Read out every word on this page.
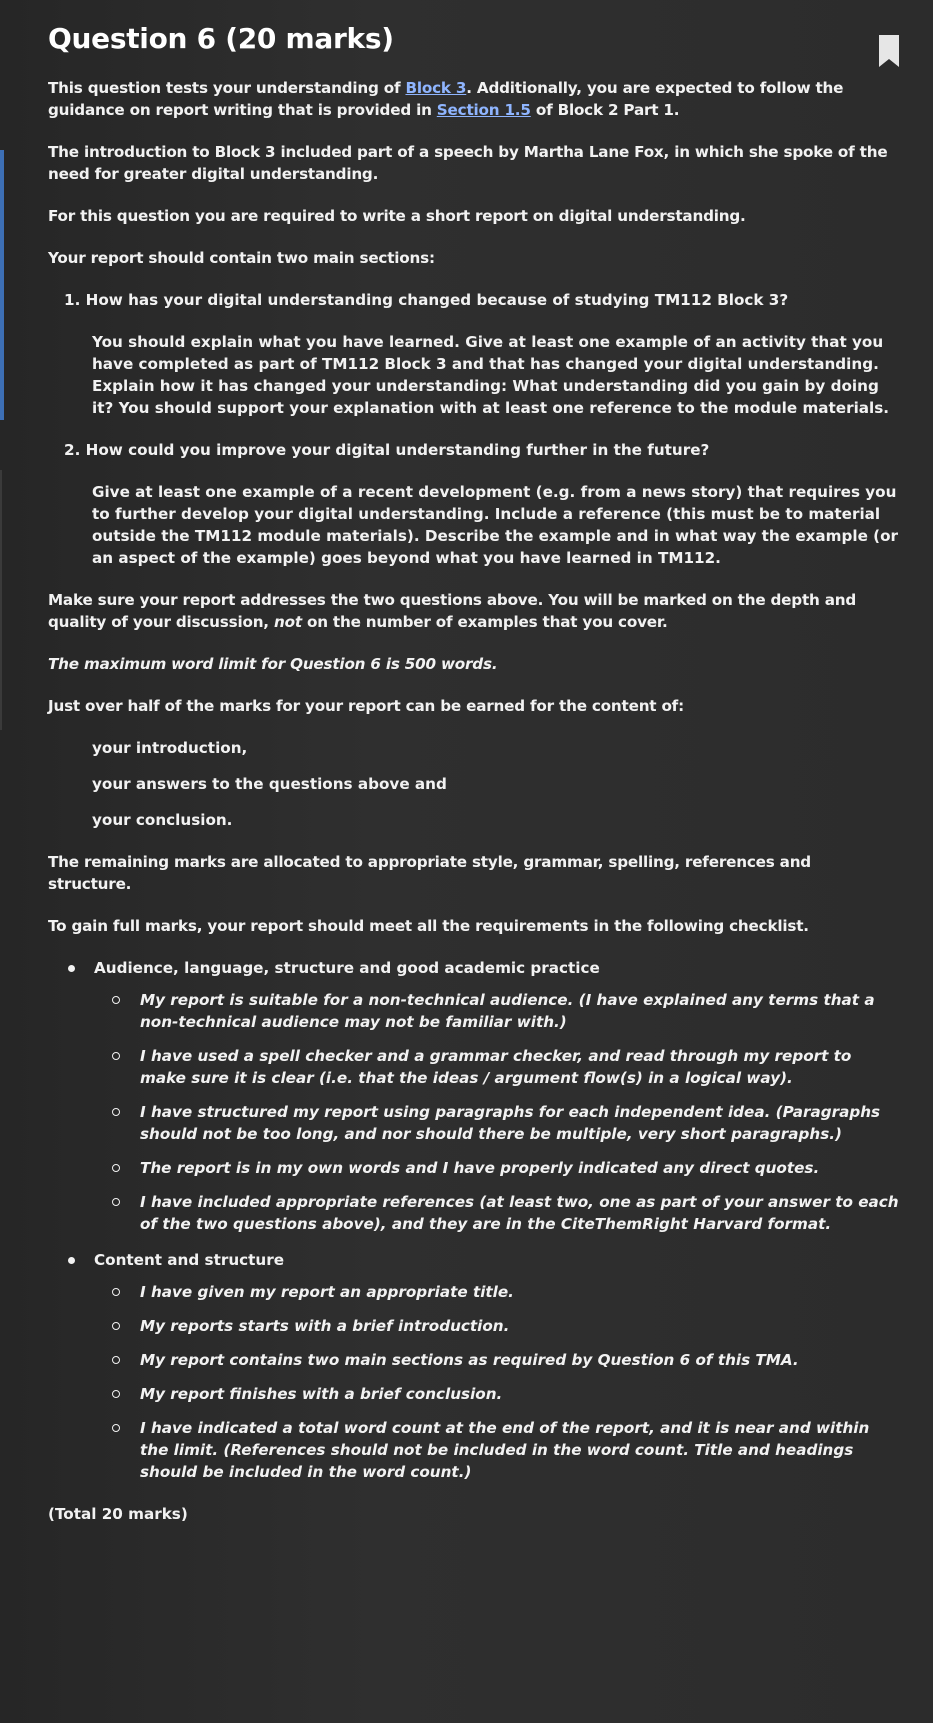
Question 6 (20 marks)

This question tests your understanding of Block 3. Additionally, you are expected to follow the guidance on report writing that is provided in Section 1.5 of Block 2 Part 1.

The introduction to Block 3 included part of a speech by Martha Lane Fox, in which she spoke of the need for greater digital understanding.

For this question you are required to write a short report on digital understanding.

Your report should contain two main sections:

1. How has your digital understanding changed because of studying TM112 Block 3?
You should explain what you have learned. Give at least one example of an activity that you have completed as part of TM112 Block 3 and that has changed your digital understanding. Explain how it has changed your understanding: What understanding did you gain by doing it? You should support your explanation with at least one reference to the module materials.
2. How could you improve your digital understanding further in the future?
Give at least one example of a recent development (e.g. from a news story) that requires you to further develop your digital understanding. Include a reference (this must be to material outside the TM112 module materials). Describe the example and in what way the example (or an aspect of the example) goes beyond what you have learned in TM112.

Make sure your report addresses the two questions above. You will be marked on the depth and quality of your discussion, not on the number of examples that you cover.

The maximum word limit for Question 6 is 500 words.

Just over half of the marks for your report can be earned for the content of:

your introduction,
your answers to the questions above and
your conclusion.

The remaining marks are allocated to appropriate style, grammar, spelling, references and structure.

To gain full marks, your report should meet all the requirements in the following checklist.

Audience, language, structure and good academic practice
My report is suitable for a non-technical audience. (I have explained any terms that a non-technical audience may not be familiar with.)
I have used a spell checker and a grammar checker, and read through my report to make sure it is clear (i.e. that the ideas / argument flow(s) in a logical way).
I have structured my report using paragraphs for each independent idea. (Paragraphs should not be too long, and nor should there be multiple, very short paragraphs.)
The report is in my own words and I have properly indicated any direct quotes.
I have included appropriate references (at least two, one as part of your answer to each of the two questions above), and they are in the CiteThemRight Harvard format.
Content and structure
I have given my report an appropriate title.
My reports starts with a brief introduction.
My report contains two main sections as required by Question 6 of this TMA.
My report finishes with a brief conclusion.
I have indicated a total word count at the end of the report, and it is near and within the limit. (References should not be included in the word count. Title and headings should be included in the word count.)
(Total 20 marks)
